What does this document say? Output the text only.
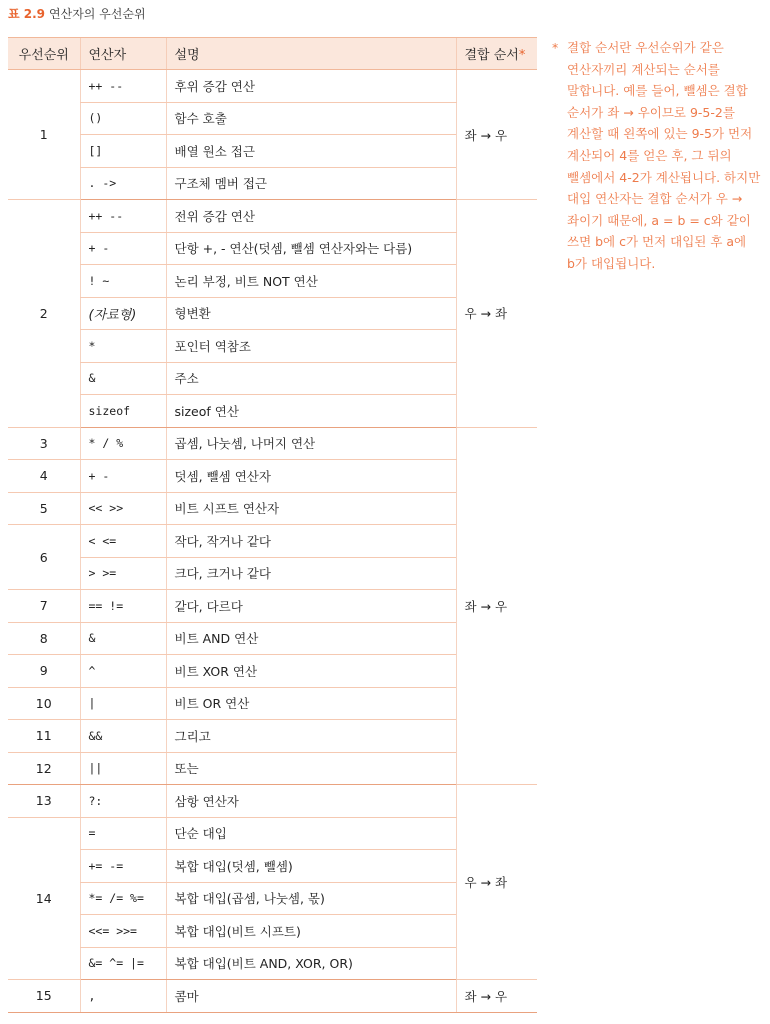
표 2.9 연산자의 우선순위
우선순위	연산자	설명	결합 순서*
1	++ --	후위 증감 연산	좌 → 우
	()	함수 호출	
	[]	배열 원소 접근	
	. ->	구조체 멤버 접근	
2	++ --	전위 증감 연산	우 → 좌
	+ -	단항 +, - 연산(덧셈, 뺄셈 연산자와는 다름)	
	! ~	논리 부정, 비트 NOT 연산	
	(자료형)	형변환	
	*	포인터 역참조	
	&	주소	
	sizeof	sizeof 연산	
3	* / %	곱셈, 나눗셈, 나머지 연산	좌 → 우
4	+ -	덧셈, 뺄셈 연산자	
5	<< >>	비트 시프트 연산자	
6	< <=	작다, 작거나 같다	
	> >=	크다, 크거나 같다	
7	== !=	같다, 다르다	
8	&	비트 AND 연산	
9	^	비트 XOR 연산	
10	|	비트 OR 연산	
11	&&	그리고	
12	||	또는	
13	?:	삼항 연산자	우 → 좌
14	=	단순 대입	
	+= -=	복합 대입(덧셈, 뺄셈)	
	*= /= %=	복합 대입(곱셈, 나눗셈, 몫)	
	<<= >>=	복합 대입(비트 시프트)	
	&= ^= |=	복합 대입(비트 AND, XOR, OR)	
15	,	콤마	좌 → 우
* 결합 순서란 우선순위가 같은 연산자끼리 계산되는 순서를 말합니다. 예를 들어, 뺄셈은 결합 순서가 좌 → 우이므로 9-5-2를 계산할 때 왼쪽에 있는 9-5가 먼저 계산되어 4를 얻은 후, 그 뒤의 뺄셈에서 4-2가 계산됩니다. 하지만 대입 연산자는 결합 순서가 우 → 좌이기 때문에, a = b = c와 같이 쓰면 b에 c가 먼저 대입된 후 a에 b가 대입됩니다.
